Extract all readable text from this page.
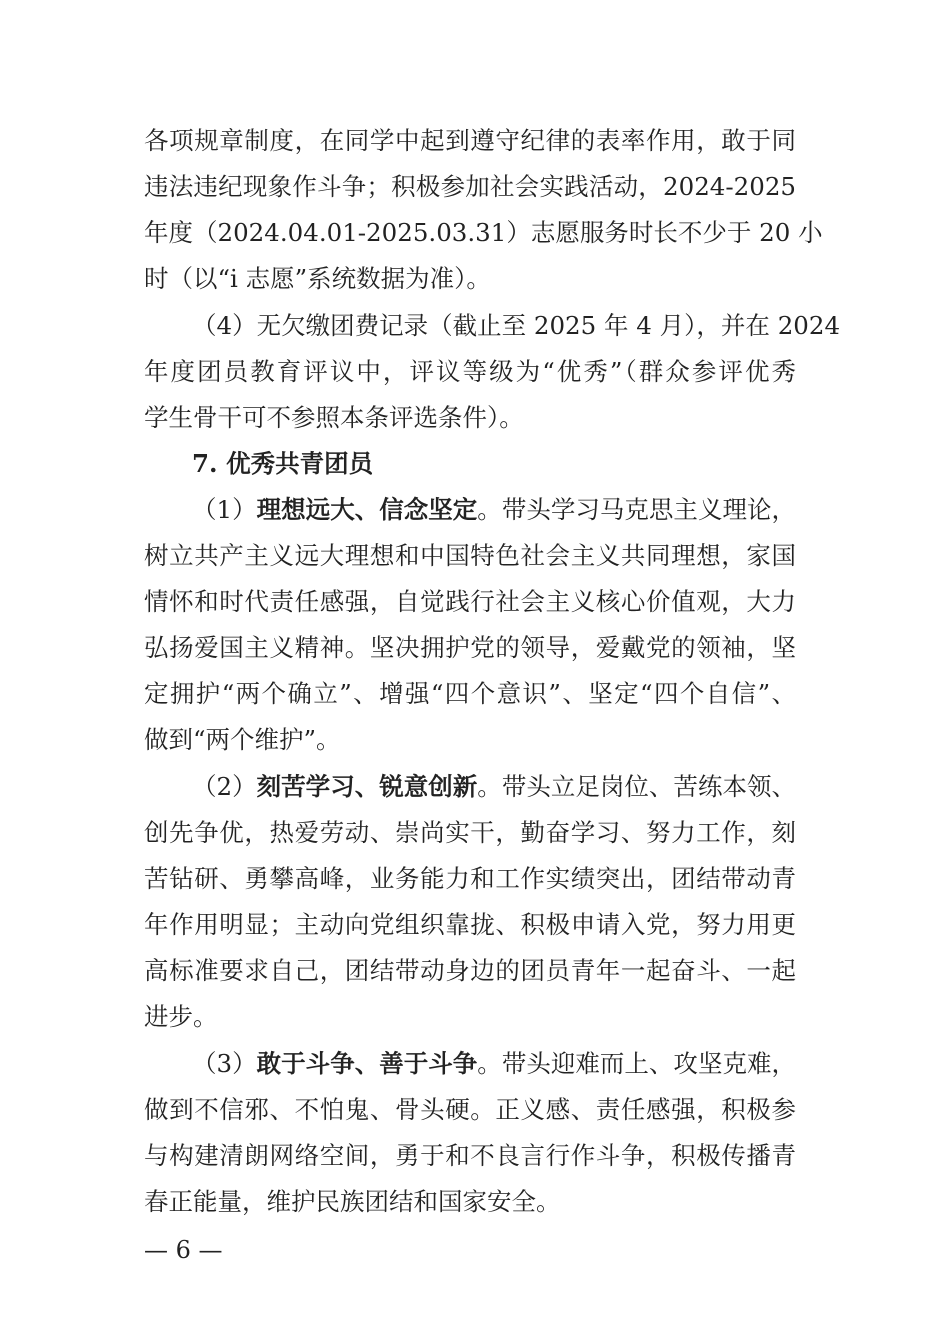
各项规章制度，在同学中起到遵守纪律的表率作用，敢于同
违法违纪现象作斗争；积极参加社会实践活动，2024-2025
年度（2024.04.01-2025.03.31）志愿服务时长不少于 20 小
时（以“i 志愿”系统数据为准）。
（4）无欠缴团费记录（截止至 2025 年 4 月），并在 2024
年度团员教育评议中，评议等级为“优秀”（群众参评优秀
学生骨干可不参照本条评选条件）。
7. 优秀共青团员
（1）理想远大、信念坚定。带头学习马克思主义理论，
树立共产主义远大理想和中国特色社会主义共同理想，家国
情怀和时代责任感强，自觉践行社会主义核心价值观，大力
弘扬爱国主义精神。坚决拥护党的领导，爱戴党的领袖，坚
定拥护“两个确立”、增强“四个意识”、坚定“四个自信”、
做到“两个维护”。
（2）刻苦学习、锐意创新。带头立足岗位、苦练本领、
创先争优，热爱劳动、崇尚实干，勤奋学习、努力工作，刻
苦钻研、勇攀高峰，业务能力和工作实绩突出，团结带动青
年作用明显；主动向党组织靠拢、积极申请入党，努力用更
高标准要求自己，团结带动身边的团员青年一起奋斗、一起
进步。
（3）敢于斗争、善于斗争。带头迎难而上、攻坚克难，
做到不信邪、不怕鬼、骨头硬。正义感、责任感强，积极参
与构建清朗网络空间，勇于和不良言行作斗争，积极传播青
春正能量，维护民族团结和国家安全。
— 6 —
